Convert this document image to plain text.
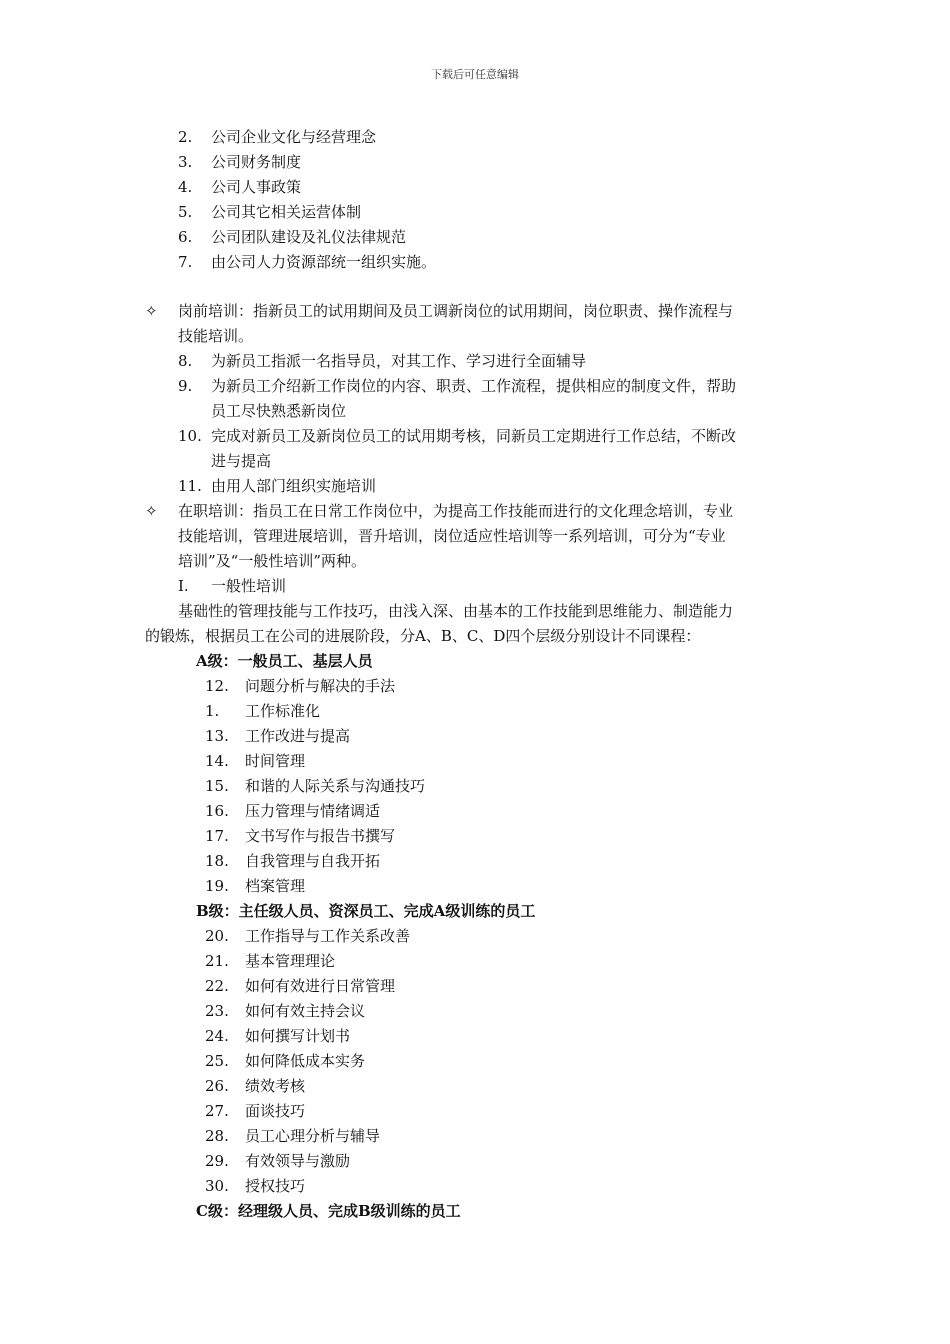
下载后可任意编辑
2. 公司企业文化与经营理念
3. 公司财务制度
4. 公司人事政策
5. 公司其它相关运营体制
6. 公司团队建设及礼仪法律规范
7. 由公司人力资源部统一组织实施。
✧ 岗前培训：指新员工的试用期间及员工调新岗位的试用期间，岗位职责、操作流程与
技能培训。
8. 为新员工指派一名指导员，对其工作、学习进行全面辅导
9. 为新员工介绍新工作岗位的内容、职责、工作流程，提供相应的制度文件，帮助
员工尽快熟悉新岗位
10. 完成对新员工及新岗位员工的试用期考核，同新员工定期进行工作总结，不断改
进与提高
11. 由用人部门组织实施培训
✧ 在职培训：指员工在日常工作岗位中，为提高工作技能而进行的文化理念培训，专业
技能培训，管理进展培训，晋升培训，岗位适应性培训等一系列培训，可分为“专业
培训”及“一般性培训”两种。
I. 一般性培训
基础性的管理技能与工作技巧，由浅入深、由基本的工作技能到思维能力、制造能力
的锻炼，根据员工在公司的进展阶段，分A、B、C、D四个层级分别设计不同课程：
A级：一般员工、基层人员
12. 问题分析与解决的手法
1. 工作标准化
13. 工作改进与提高
14. 时间管理
15. 和谐的人际关系与沟通技巧
16. 压力管理与情绪调适
17. 文书写作与报告书撰写
18. 自我管理与自我开拓
19. 档案管理
B级：主任级人员、资深员工、完成A级训练的员工
20. 工作指导与工作关系改善
21. 基本管理理论
22. 如何有效进行日常管理
23. 如何有效主持会议
24. 如何撰写计划书
25. 如何降低成本实务
26. 绩效考核
27. 面谈技巧
28. 员工心理分析与辅导
29. 有效领导与激励
30. 授权技巧
C级：经理级人员、完成B级训练的员工
